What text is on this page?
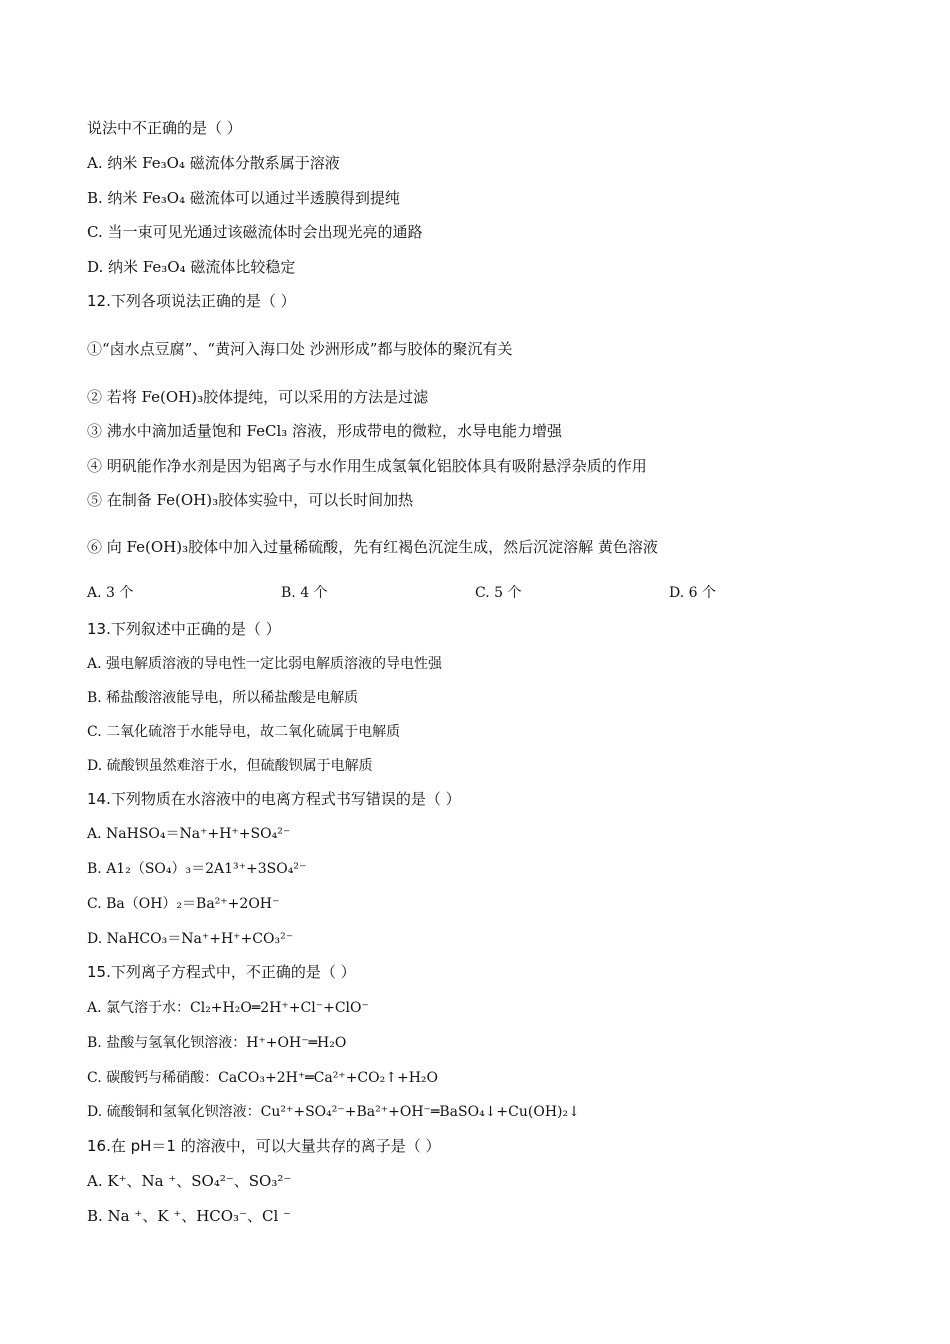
说法中不正确的是（ ）
A. 纳米 Fe₃O₄ 磁流体分散系属于溶液
B. 纳米 Fe₃O₄ 磁流体可以通过半透膜得到提纯
C. 当一束可见光通过该磁流体时会出现光亮的通路
D. 纳米 Fe₃O₄ 磁流体比较稳定
12.下列各项说法正确的是（ ）
①“卤水点豆腐”、“黄河入海口处 沙洲形成”都与胶体的聚沉有关
② 若将 Fe(OH)₃胶体提纯，可以采用的方法是过滤
③ 沸水中滴加适量饱和 FeCl₃ 溶液，形成带电的微粒，水导电能力增强
④ 明矾能作净水剂是因为铝离子与水作用生成氢氧化铝胶体具有吸附悬浮杂质的作用
⑤ 在制备 Fe(OH)₃胶体实验中，可以长时间加热
⑥ 向 Fe(OH)₃胶体中加入过量稀硫酸，先有红褐色沉淀生成，然后沉淀溶解 黄色溶液
A. 3 个	B. 4 个	C. 5 个	D. 6 个
13.下列叙述中正确的是（ ）
A. 强电解质溶液的导电性一定比弱电解质溶液的导电性强
B. 稀盐酸溶液能导电，所以稀盐酸是电解质
C. 二氧化硫溶于水能导电，故二氧化硫属于电解质
D. 硫酸钡虽然难溶于水，但硫酸钡属于电解质
14.下列物质在水溶液中的电离方程式书写错误的是（ ）
A. NaHSO₄＝Na⁺+H⁺+SO₄²⁻
B. A1₂（SO₄）₃＝2A1³⁺+3SO₄²⁻
C. Ba（OH）₂＝Ba²⁺+2OH⁻
D. NaHCO₃＝Na⁺+H⁺+CO₃²⁻
15.下列离子方程式中，不正确的是（ ）
A. 氯气溶于水：Cl₂+H₂O═2H⁺+Cl⁻+ClO⁻
B. 盐酸与氢氧化钡溶液：H⁺+OH⁻═H₂O
C. 碳酸钙与稀硝酸：CaCO₃+2H⁺═Ca²⁺+CO₂↑+H₂O
D. 硫酸铜和氢氧化钡溶液：Cu²⁺+SO₄²⁻+Ba²⁺+OH⁻═BaSO₄↓+Cu(OH)₂↓
16.在 pH＝1 的溶液中，可以大量共存的离子是（ ）
A. K⁺、Na ⁺、SO₄²⁻、SO₃²⁻
B. Na ⁺、K ⁺、HCO₃⁻、Cl ⁻
